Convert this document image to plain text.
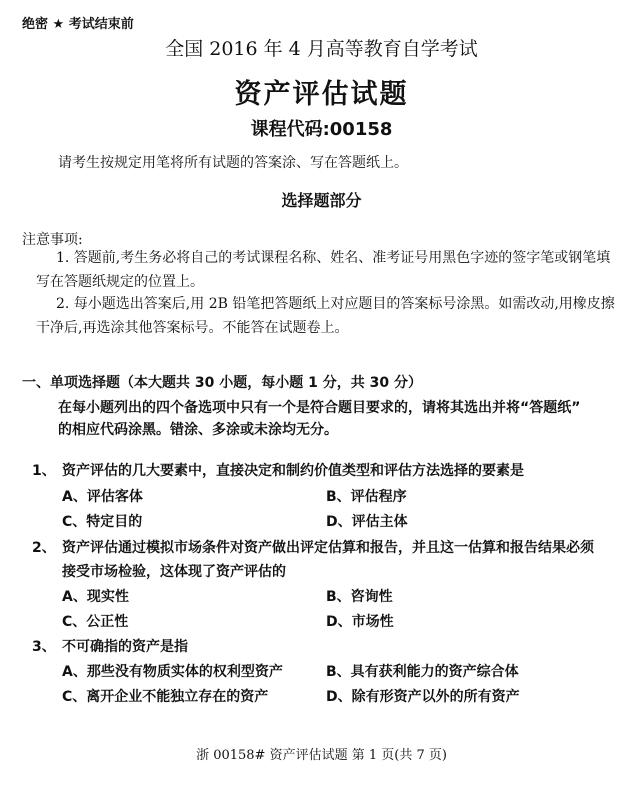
绝密 ★ 考试结束前
全国 2016 年 4 月高等教育自学考试
资产评估试题
课程代码:00158
请考生按规定用笔将所有试题的答案涂、写在答题纸上。
选择题部分
注意事项:
1. 答题前,考生务必将自己的考试课程名称、姓名、准考证号用黑色字迹的签字笔或钢笔填写在答题纸规定的位置上。
2. 每小题选出答案后,用 2B 铅笔把答题纸上对应题目的答案标号涂黑。如需改动,用橡皮擦干净后,再选涂其他答案标号。不能答在试题卷上。
一、单项选择题（本大题共 30 小题，每小题 1 分，共 30 分）
在每小题列出的四个备选项中只有一个是符合题目要求的，请将其选出并将“答题纸”
的相应代码涂黑。错涂、多涂或未涂均无分。
1、 资产评估的几大要素中，直接决定和制约价值类型和评估方法选择的要素是
A、评估客体	B、评估程序
C、特定目的	D、评估主体
2、 资产评估通过模拟市场条件对资产做出评定估算和报告，并且这一估算和报告结果必须
接受市场检验，这体现了资产评估的
A、现实性	B、咨询性
C、公正性	D、市场性
3、 不可确指的资产是指
A、那些没有物质实体的权利型资产	B、具有获利能力的资产综合体
C、离开企业不能独立存在的资产	D、除有形资产以外的所有资产
浙 00158# 资产评估试题 第 1 页(共 7 页)
